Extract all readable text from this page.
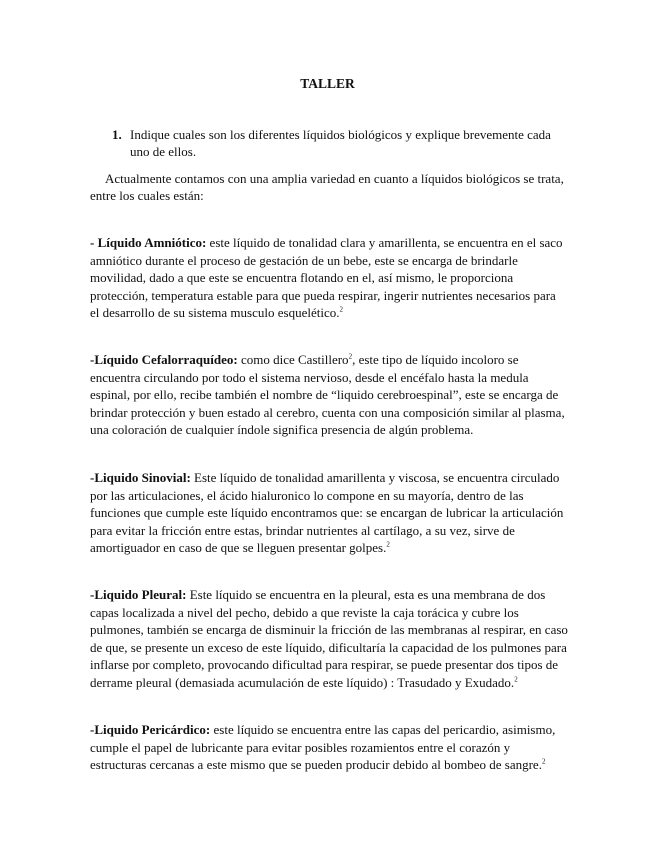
TALLER
1. Indique cuales son los diferentes líquidos biológicos y explique brevemente cada uno de ellos.
Actualmente contamos con una amplia variedad en cuanto a líquidos biológicos se trata, entre los cuales están:
- Líquido Amniótico: este líquido de tonalidad clara y amarillenta, se encuentra en el saco amniótico durante el proceso de gestación de un bebe, este se encarga de brindarle movilidad, dado a que este se encuentra flotando en el, así mismo, le proporciona protección, temperatura estable para que pueda respirar, ingerir nutrientes necesarios para el desarrollo de su sistema musculo esquelético.$^2$
-Líquido Cefalorraquídeo: como dice Castillero$^2$, este tipo de líquido incoloro se encuentra circulando por todo el sistema nervioso, desde el encéfalo hasta la medula espinal, por ello, recibe también el nombre de “liquido cerebroespinal”, este se encarga de brindar protección y buen estado al cerebro, cuenta con una composición similar al plasma, una coloración de cualquier índole significa presencia de algún problema.
-Liquido Sinovial: Este líquido de tonalidad amarillenta y viscosa, se encuentra circulado por las articulaciones, el ácido hialuronico lo compone en su mayoría, dentro de las funciones que cumple este líquido encontramos que: se encargan de lubricar la articulación para evitar la fricción entre estas, brindar nutrientes al cartílago, a su vez, sirve de amortiguador en caso de que se lleguen presentar golpes.$^2$
-Liquido Pleural: Este líquido se encuentra en la pleural, esta es una membrana de dos capas localizada a nivel del pecho, debido a que reviste la caja torácica y cubre los pulmones, también se encarga de disminuir la fricción de las membranas al respirar, en caso de que, se presente un exceso de este líquido, dificultaría la capacidad de los pulmones para inflarse por completo, provocando dificultad para respirar, se puede presentar dos tipos de derrame pleural (demasiada acumulación de este líquido) : Trasudado y Exudado.$^2$
-Liquido Pericárdico: este líquido se encuentra entre las capas del pericardio, asimismo, cumple el papel de lubricante para evitar posibles rozamientos entre el corazón y estructuras cercanas a este mismo que se pueden producir debido al bombeo de sangre.$^2$
